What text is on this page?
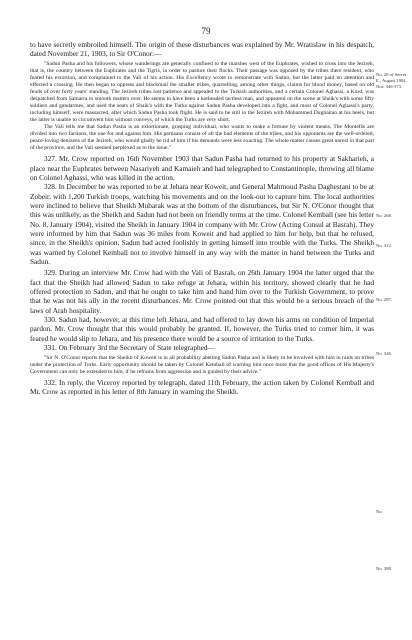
79

to have secretly embroiled himself. The origin of these disturbances was explained by Mr. Wratislaw in his despatch, dated November 21, 1903, to Sir O'Conor:—

"Sadun Pasha and his followers, whose wanderings are generally confined to the marshes west of the Euphrates, wished to cross into the Jezireh, that is, the country between the Euphrates and the Tigris, in order to pasture their flocks. Their passage was opposed by the tribes there resident, who feared his extortion, and complained to the Vali of his action. His Excellency wrote to remonstrate with Sadun, but the latter paid no attention and effected a crossing. He then began to oppress and blackmail the smaller tribes, quarrelling, among other things, claims for blood money, based on old feuds of over forty years' standing. The Jezireh tribes lost patience and appealed to the Turkish authorities, and a certain Colonel Aghassi, a Kurd, was despatched from Samarra to smooth matters over. He seems to have been a hotheaded tactless man, and appeared on the scene at Sheik's with some fifty soldiers and gendarmes, and used the seats of Shaik's with the Turks against Sadun Pasha developed into a fight, and most of Colonel Aghassi's party, including himself, were massacred, after which Sadun Pasha took flight. He is said to be still in the Jezireh with Mohammed Dughaitan at his heels, but the latter is unable to circumvent him without conveys, of which the Turks are very short.

The Vali tells me that Sadun Pasha is an extortionate, grasping individual, who wants to make a fortune by violent means. The Montefik are divided into two factions, the one for and against him. His partisans consist of all the bad elements of the tribes, and his opponents are the well-ordered, peace-loving denizens of the Jezireh, who would gladly be rid of him if his demands were less exacting. The whole matter causes great unrest in that part of the province, and the Vali seemed perplexed as to the issue."

327. Mr. Crow reported on 16th November 1903 that Sadun Pasha had returned to his property at Sakharieh, a place near the Euphrates between Nasariyeh and Kamaieh and had telegraphed to Constantinople, throwing all blame on Colonel Aghassi, who was killed in the action.

328. In December he was reported to be at Jehara near Koweit, and General Mahmoud Pasha Daghestani to be at Zobeir, with 1,200 Turkish troops, watching his movements and on the look-out to capture him. The local authorities were inclined to believe that Sheikh Mubarak was at the bottom of the disturbances, but Sir N. O'Conor thought that this was unlikely, as the Sheikh and Sadun had not been on friendly terms at the time. Colonel Kemball (see his letter No. 8, January 1904), visited the Sheikh in January 1904 in company with Mr. Crow (Acting Consul at Basrah). They were informed by him that Sadun was 36 miles from Koweit and had applied to him for help, but that he refused, since, in the Sheikh's opinion, Sadun had acted foolishly in getting himself into trouble with the Turks. The Sheikh was warned by Colonel Kemball not to involve himself in any way with the matter in hand between the Turks and Sadun.

329. During an interview Mr. Crow had with the Vali of Basrah, on 26th January 1904 the latter urged that the fact that the Sheikh had allowed Sadun to take refuge at Jehara, within his territory, showed clearly that he had offered protection to Sadun, and that he ought to take him and hand him over to the Turkish Government, to prove that he was not his ally in the recent disturbances. Mr. Crow pointed out that this would be a serious breach of the laws of Arab hospitality.

330. Sadun had, however, at this time left Jehara, and had offered to lay down his arms on condition of Imperial pardon. Mr. Crow thought that this would probably be granted. If, however, the Turks tried to corner him, it was feared he would slip to Jehara, and his presence there would be a source of irritation to the Turks.

331. On February 3rd the Secretary of State telegraphed—

"Sir N. O'Conor reports that the Sheikh of Koweit is in all probability abetting Sadun Pasha and is likely to be involved with him in raids on tribes under the protection of Turks. Early opportunity should be taken by Colonel Kemball of warning him once more that the good offices of His Majesty's Government can only be extended to him, if he refrains from aggression and is guided by their advice."

332. In reply, the Viceroy reported by telegraph, dated 11th February, the action taken by Colonel Kemball and Mr. Crow as reported in his letter of 8th January in warning the Sheikh.

No. 20 of Secret E., August 1904, Nos. 346-373.
No. 268.
No. 312.
No. 287.
No. 348.
No.
No. 388.
